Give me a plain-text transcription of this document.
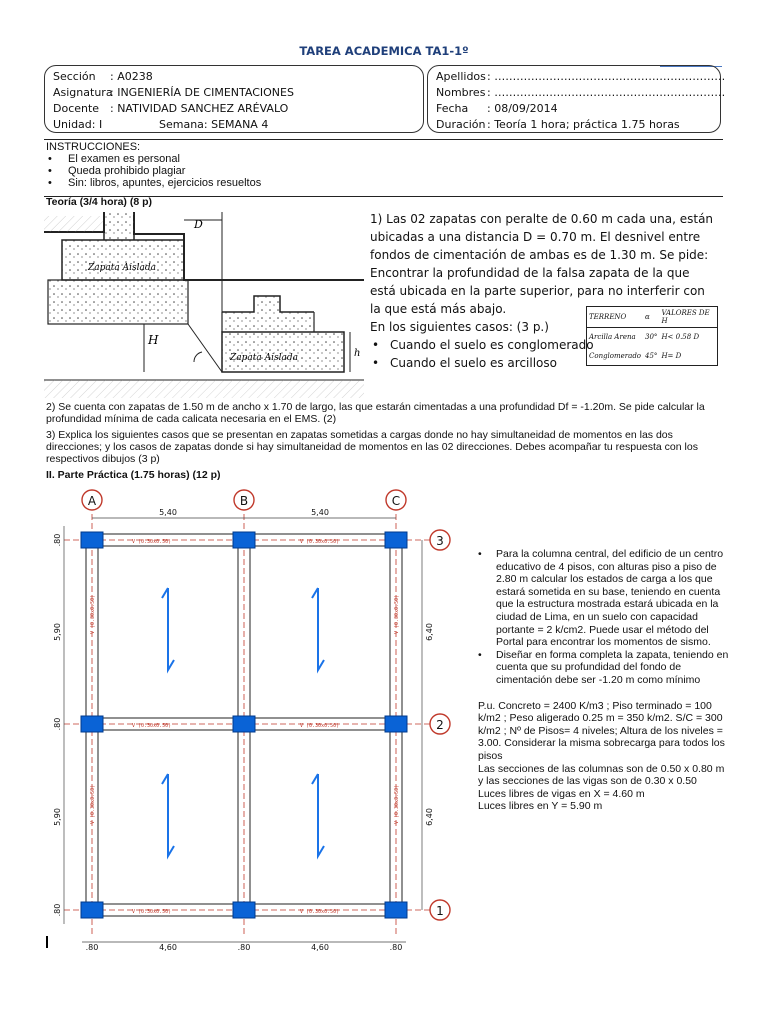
TAREA ACADEMICA TA1-1º
Sección : A0238
Asignatura
: INGENIERÍA DE CIMENTACIONES
Docente : NATIVIDAD SANCHEZ ARÉVALO
Unidad: I	Semana: SEMANA 4
Apellidos : ………………………………………………………
Nombres : ………………………………………………………
Fecha : 08/09/2014
Duración : Teoría 1 hora; práctica 1.75 horas
INSTRUCCIONES:
• El examen es personal
• Queda prohibido plagiar
• Sin: libros, apuntes, ejercicios resueltos
Teoría (3/4 hora) (8 p)
Zapata Aislada
D
Zapata Aislada
H
h
1) Las 02 zapatas con peralte de 0.60 m cada una, están ubicadas a una distancia D = 0.70 m. El desnivel entre fondos de cimentación de ambas es de 1.30 m. Se pide: Encontrar la profundidad de la falsa zapata de la que está ubicada en la parte superior, para no interferir con la que está más abajo.
En los siguientes casos: (3 p.)
• Cuando el suelo es conglomerado
• Cuando el suelo es arcilloso
TERRENO	α	VALORES DE H
Arcilla Arena	30°	H< 0.58 D
Conglomerado	45°	H= D
2) Se cuenta con zapatas de 1.50 m de ancho x 1.70 de largo, las que estarán cimentadas a una profundidad Df = -1.20m. Se pide calcular la profundidad mínima de cada calicata necesaria en el EMS. (2)
3) Explica los siguientes casos que se presentan en zapatas sometidas a cargas donde no hay simultaneidad de momentos en las dos direcciones; y los casos de zapatas donde si hay simultaneidad de momentos en las 02 direcciones. Debes acompañar tu respuesta con los respectivos dibujos (3 p)
II. Parte Práctica (1.75 horas) (12 p)
V (0.30x0.50)	V (0.30x0.50)
V (0.30x0.50)	V (0.30x0.50)
V (0.30x0.50)	V (0.30x0.50)
V (0.30x0.50)	V (0.30x0.50)
V (0.30x0.50)	V (0.30x0.50)
A	B	C
3
2
1
5,40	5,40
.80	4,60	.80	4,60	.80
.80
5,90
.80
5,90
.80
6,40
6,40
• Para la columna central, del edificio de un centro educativo de 4 pisos, con alturas piso a piso de 2.80 m calcular los estados de carga a los que estará sometida en su base, teniendo en cuenta que la estructura mostrada estará ubicada en la ciudad de Lima, en un suelo con capacidad portante = 2 k/cm2. Puede usar el método del Portal para encontrar los momentos de sismo.
• Diseñar en forma completa la zapata, teniendo en cuenta que su profundidad del fondo de cimentación debe ser -1.20 m como mínimo
P.u. Concreto = 2400 K/m3 ; Piso terminado = 100 k/m2 ; Peso aligerado 0.25 m = 350 k/m2. S/C = 300 k/m2 ; Nº de Pisos= 4 niveles; Altura de los niveles = 3.00. Considerar la misma sobrecarga para todos los pisos
Las secciones de las columnas son de 0.50 x 0.80 m y las secciones de las vigas son de 0.30 x 0.50
Luces libres de vigas en X = 4.60 m
Luces libres en Y = 5.90 m
